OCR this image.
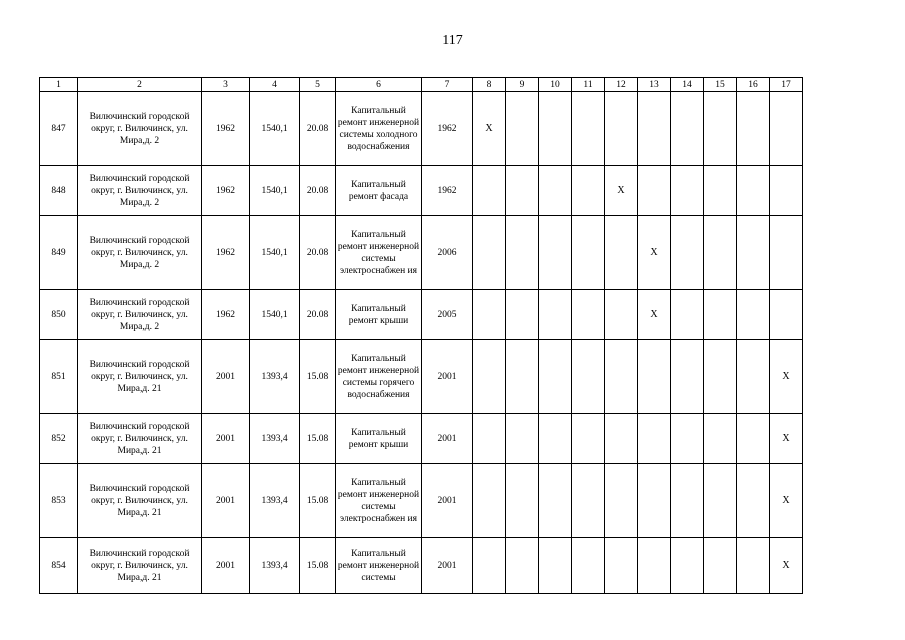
117
1	2	3	4	5	6	7	8	9	10	11	12	13	14	15	16	17
847	Вилючинский городской округ, г. Вилючинск, ул. Мира,д. 2	1962	1540,1	20.08	Капитальный ремонт инженерной системы холодного водоснабжения	1962	X									
848	Вилючинский городской округ, г. Вилючинск, ул. Мира,д. 2	1962	1540,1	20.08	Капитальный ремонт фасада	1962					X					
849	Вилючинский городской округ, г. Вилючинск, ул. Мира,д. 2	1962	1540,1	20.08	Капитальный ремонт инженерной системы электроснабжен ия	2006						X				
850	Вилючинский городской округ, г. Вилючинск, ул. Мира,д. 2	1962	1540,1	20.08	Капитальный ремонт крыши	2005						X				
851	Вилючинский городской округ, г. Вилючинск, ул. Мира,д. 21	2001	1393,4	15.08	Капитальный ремонт инженерной системы горячего водоснабжения	2001										X
852	Вилючинский городской округ, г. Вилючинск, ул. Мира,д. 21	2001	1393,4	15.08	Капитальный ремонт крыши	2001										X
853	Вилючинский городской округ, г. Вилючинск, ул. Мира,д. 21	2001	1393,4	15.08	Капитальный ремонт инженерной системы электроснабжен ия	2001										X
854	Вилючинский городской округ, г. Вилючинск, ул. Мира,д. 21	2001	1393,4	15.08	Капитальный ремонт инженерной системы	2001										X
